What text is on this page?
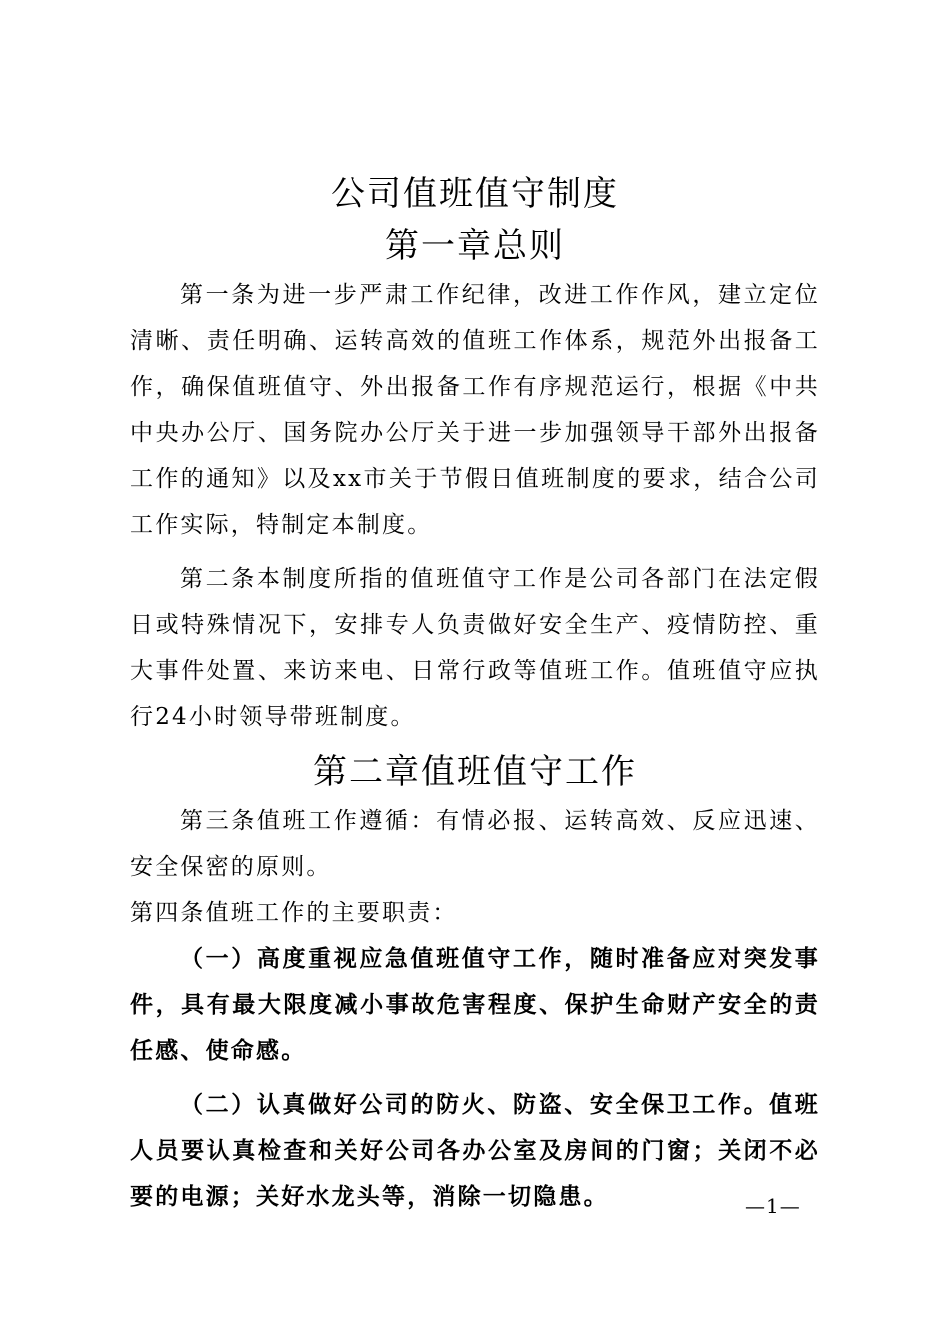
公司值班值守制度
第一章总则

第一条为进一步严肃工作纪律，改进工作作风，建立定位清晰、责任明确、运转高效的值班工作体系，规范外出报备工作，确保值班值守、外出报备工作有序规范运行，根据《中共中央办公厅、国务院办公厅关于进一步加强领导干部外出报备工作的通知》以及xx市关于节假日值班制度的要求，结合公司工作实际，特制定本制度。

第二条本制度所指的值班值守工作是公司各部门在法定假日或特殊情况下，安排专人负责做好安全生产、疫情防控、重大事件处置、来访来电、日常行政等值班工作。值班值守应执行24小时领导带班制度。

第二章值班值守工作

第三条值班工作遵循：有情必报、运转高效、反应迅速、安全保密的原则。

第四条值班工作的主要职责：

（一）高度重视应急值班值守工作，随时准备应对突发事件，具有最大限度减小事故危害程度、保护生命财产安全的责任感、使命感。

（二）认真做好公司的防火、防盗、安全保卫工作。值班人员要认真检查和关好公司各办公室及房间的门窗；关闭不必要的电源；关好水龙头等，消除一切隐患。	—1—
